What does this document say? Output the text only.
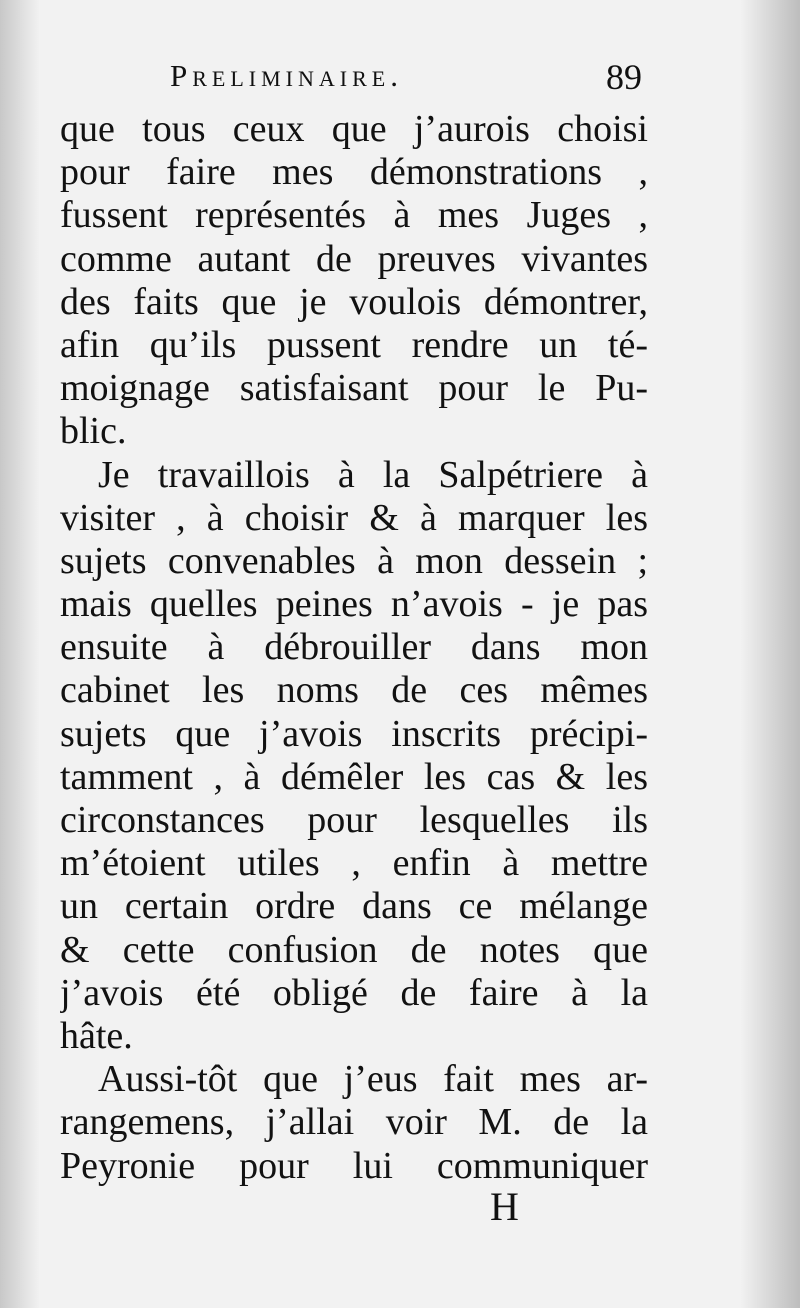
Preliminaire.	89
que tous ceux que j’aurois choisi
pour faire mes démonstrations ,
fussent représentés à mes Juges ,
comme autant de preuves vivantes
des faits que je voulois démontrer,
afin qu’ils pussent rendre un té-
moignage satisfaisant pour le Pu-
blic.
Je travaillois à la Salpétriere à
visiter , à choisir & à marquer les
sujets convenables à mon dessein ;
mais quelles peines n’avois - je pas
ensuite à débrouiller dans mon
cabinet les noms de ces mêmes
sujets que j’avois inscrits précipi-
tamment , à démêler les cas & les
circonstances pour lesquelles ils
m’étoient utiles , enfin à mettre
un certain ordre dans ce mélange
& cette confusion de notes que
j’avois été obligé de faire à la
hâte.
Aussi-tôt que j’eus fait mes ar-
rangemens, j’allai voir M. de la
Peyronie pour lui communiquer
H
